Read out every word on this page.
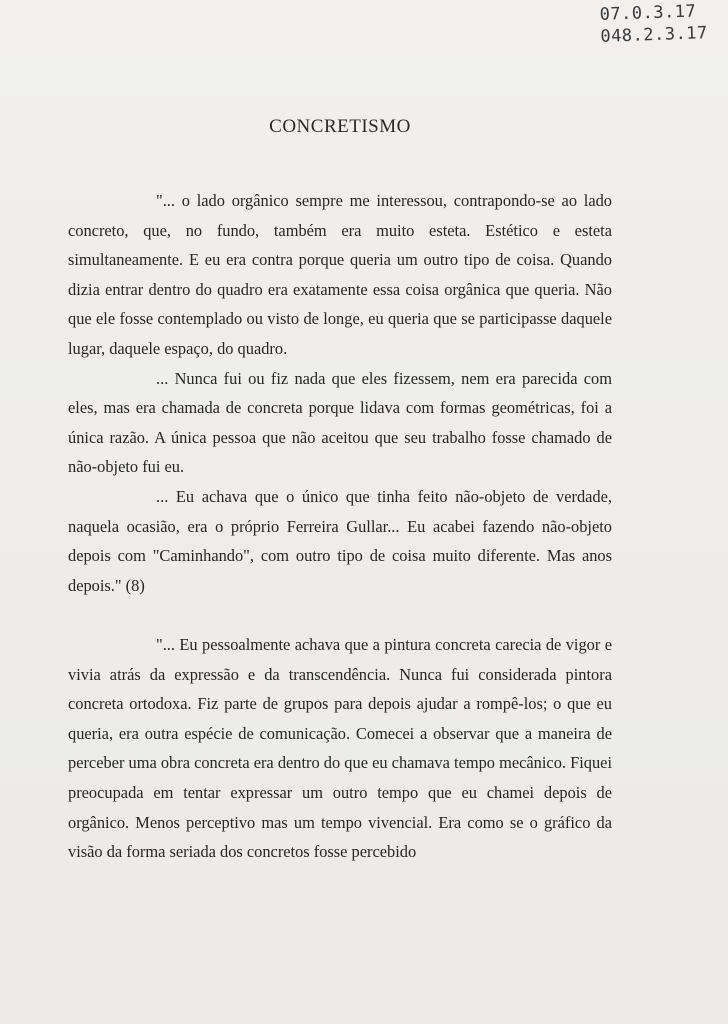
07.0.3.17
048.2.3.17
CONCRETISMO

"... o lado orgânico sempre me interessou, contrapondo-se ao lado concreto, que, no fundo, também era muito esteta. Estético e esteta simultaneamente. E eu era contra porque queria um outro tipo de coisa. Quando dizia entrar dentro do quadro era exatamente essa coisa orgânica que queria. Não que ele fosse contemplado ou visto de longe, eu queria que se participasse daquele lugar, daquele espaço, do quadro.

... Nunca fui ou fiz nada que eles fizessem, nem era parecida com eles, mas era chamada de concreta porque lidava com formas geométricas, foi a única razão. A única pessoa que não aceitou que seu trabalho fosse chamado de não-objeto fui eu.

... Eu achava que o único que tinha feito não-objeto de verdade, naquela ocasião, era o próprio Ferreira Gullar... Eu acabei fazendo não-objeto depois com "Caminhando", com outro tipo de coisa muito diferente. Mas anos depois." (8)

"... Eu pessoalmente achava que a pintura concreta carecia de vigor e vivia atrás da expressão e da transcendência. Nunca fui considerada pintora concreta ortodoxa. Fiz parte de grupos para depois ajudar a rompê-los; o que eu queria, era outra espécie de comunicação. Comecei a observar que a maneira de perceber uma obra concreta era dentro do que eu chamava tempo mecânico. Fiquei preocupada em tentar expressar um outro tempo que eu chamei depois de orgânico. Menos perceptivo mas um tempo vivencial. Era como se o gráfico da visão da forma seriada dos concretos fosse percebido
